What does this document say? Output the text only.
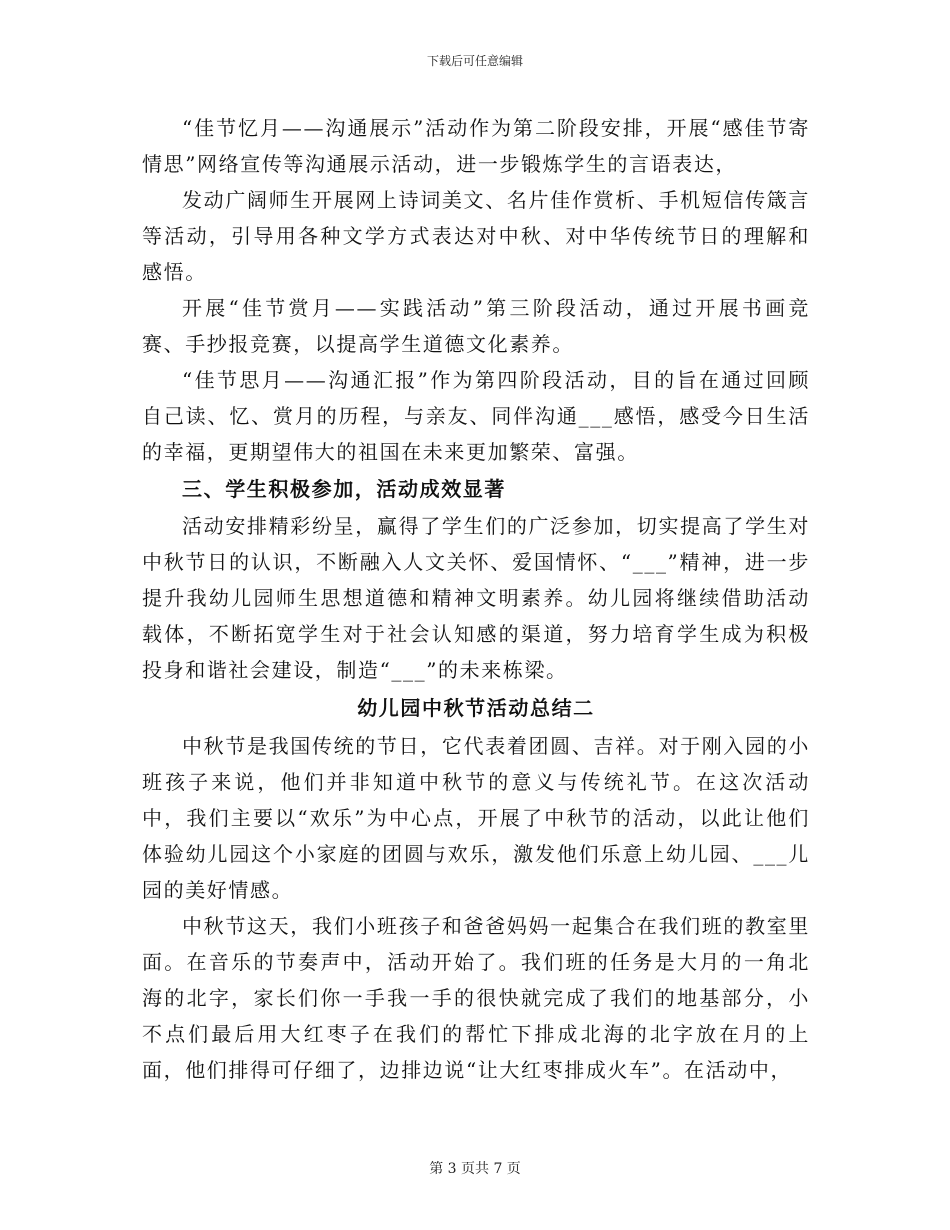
下载后可任意编辑

“佳节忆月——沟通展示”活动作为第二阶段安排，开展“感佳节寄情思”网络宣传等沟通展示活动，进一步锻炼学生的言语表达，

发动广阔师生开展网上诗词美文、名片佳作赏析、手机短信传箴言等活动，引导用各种文学方式表达对中秋、对中华传统节日的理解和感悟。

开展“佳节赏月——实践活动”第三阶段活动，通过开展书画竞赛、手抄报竞赛，以提高学生道德文化素养。

“佳节思月——沟通汇报”作为第四阶段活动，目的旨在通过回顾自己读、忆、赏月的历程，与亲友、同伴沟通___感悟，感受今日生活的幸福，更期望伟大的祖国在未来更加繁荣、富强。

三、学生积极参加，活动成效显著

活动安排精彩纷呈，赢得了学生们的广泛参加，切实提高了学生对中秋节日的认识，不断融入人文关怀、爱国情怀、“___”精神，进一步提升我幼儿园师生思想道德和精神文明素养。幼儿园将继续借助活动载体，不断拓宽学生对于社会认知感的渠道，努力培育学生成为积极投身和谐社会建设，制造“___”的未来栋梁。

幼儿园中秋节活动总结二

中秋节是我国传统的节日，它代表着团圆、吉祥。对于刚入园的小班孩子来说，他们并非知道中秋节的意义与传统礼节。在这次活动中，我们主要以“欢乐”为中心点，开展了中秋节的活动，以此让他们体验幼儿园这个小家庭的团圆与欢乐，激发他们乐意上幼儿园、___儿园的美好情感。

中秋节这天，我们小班孩子和爸爸妈妈一起集合在我们班的教室里面。在音乐的节奏声中，活动开始了。我们班的任务是大月的一角北海的北字，家长们你一手我一手的很快就完成了我们的地基部分，小不点们最后用大红枣子在我们的帮忙下排成北海的北字放在月的上面，他们排得可仔细了，边排边说“让大红枣排成火车”。在活动中，

第 3 页共 7 页
